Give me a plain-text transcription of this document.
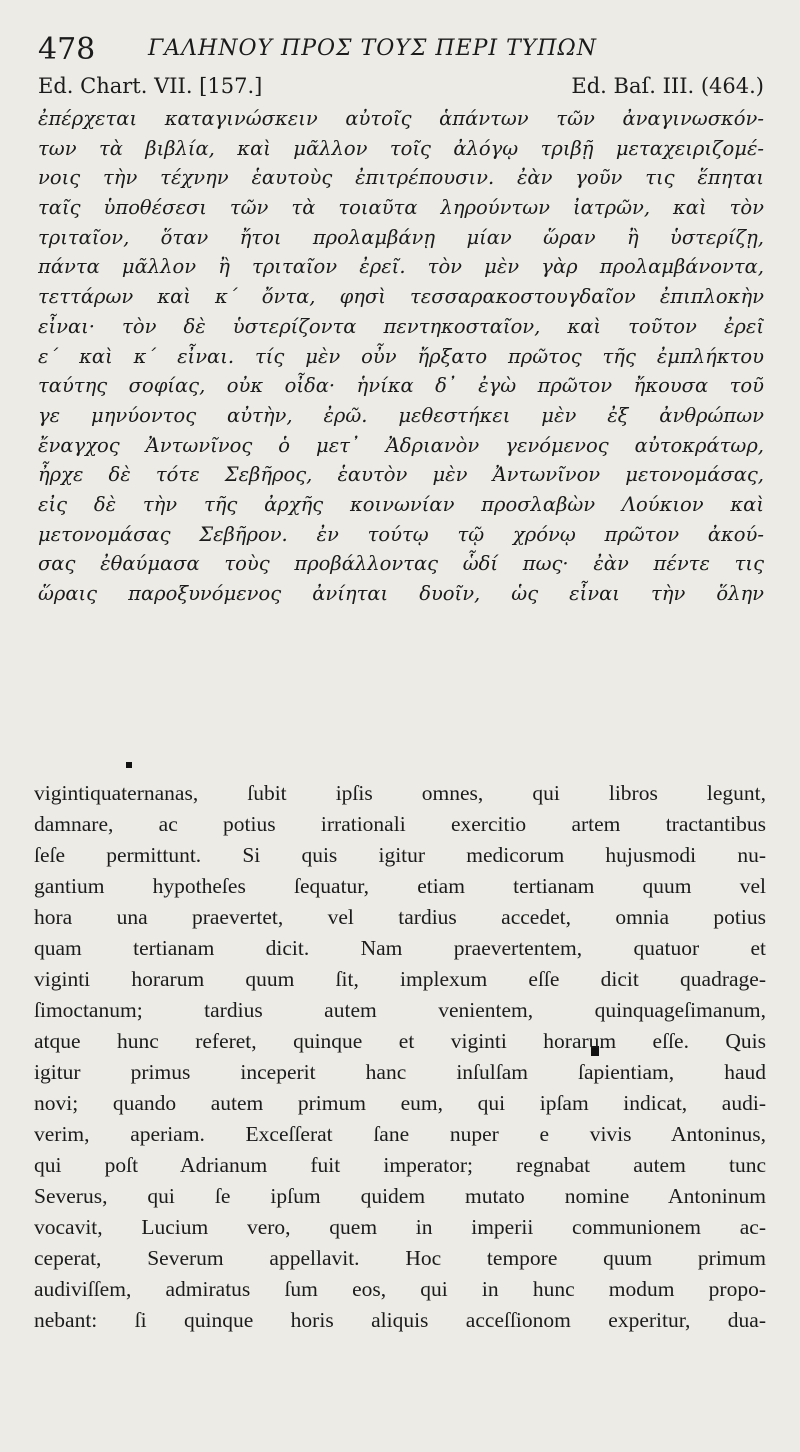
478 ΓΑΛΗΝΟΥ ΠΡΟΣ ΤΟΥΣ ΠΕΡΙ ΤΥΠΩΝ
Ed. Chart. VII. [157.]	Ed. Baſ. III. (464.)
ἐπέρχεται καταγινώσκειν αὐτοῖς ἁπάντων τῶν ἀναγινωσκόν-
των τὰ βιβλία, καὶ μᾶλλον τοῖς ἀλόγῳ τριβῇ μεταχειριζομέ-
νοις τὴν τέχνην ἑαυτοὺς ἐπιτρέπουσιν. ἐὰν γοῦν τις ἕπηται
ταῖς ὑποθέσεσι τῶν τὰ τοιαῦτα ληρούντων ἰατρῶν, καὶ τὸν
τριταῖον, ὅταν ἤτοι προλαμβάνῃ μίαν ὥραν ἢ ὑστερίζῃ,
πάντα μᾶλλον ἢ τριταῖον ἐρεῖ. τὸν μὲν γὰρ προλαμβάνοντα,
τεττάρων καὶ κ΄ ὄντα, φησὶ τεσσαρακοστουγδαῖον ἐπιπλοκὴν
εἶναι· τὸν δὲ ὑστερίζοντα πεντηκοσταῖον, καὶ τοῦτον ἐρεῖ
ε΄ καὶ κ΄ εἶναι. τίς μὲν οὖν ἤρξατο πρῶτος τῆς ἐμπλήκτου
ταύτης σοφίας, οὐκ οἶδα· ἡνίκα δ᾽ ἐγὼ πρῶτον ἤκουσα τοῦ
γε μηνύοντος αὐτὴν, ἐρῶ. μεθεστήκει μὲν ἐξ ἀνθρώπων
ἔναγχος Ἀντωνῖνος ὁ μετ᾽ Ἀδριανὸν γενόμενος αὐτοκράτωρ,
ἦρχε δὲ τότε Σεβῆρος, ἑαυτὸν μὲν Ἀντωνῖνον μετονομάσας,
εἰς δὲ τὴν τῆς ἀρχῆς κοινωνίαν προσλαβὼν Λούκιον καὶ
μετονομάσας Σεβῆρον. ἐν τούτῳ τῷ χρόνῳ πρῶτον ἀκού-
σας ἐθαύμασα τοὺς προβάλλοντας ὧδί πως· ἐὰν πέντε τις
ὥραις παροξυνόμενος ἀνίηται δυοῖν, ὡς εἶναι τὴν ὅλην
vigintiquaternanas, ſubit ipſis omnes, qui libros legunt,
damnare, ac potius irrationali exercitio artem tractantibus
ſeſe permittunt. Si quis igitur medicorum hujusmodi nu-
gantium hypotheſes ſequatur, etiam tertianam quum vel
hora una praevertet, vel tardius accedet, omnia potius
quam tertianam dicit. Nam praevertentem, quatuor et
viginti horarum quum ſit, implexum eſſe dicit quadrage-
ſimoctanum; tardius autem venientem, quinquageſimanum,
atque hunc referet, quinque et viginti horarum eſſe. Quis
igitur primus inceperit hanc inſulſam ſapientiam, haud
novi; quando autem primum eum, qui ipſam indicat, audi-
verim, aperiam. Exceſſerat ſane nuper e vivis Antoninus,
qui poſt Adrianum fuit imperator; regnabat autem tunc
Severus, qui ſe ipſum quidem mutato nomine Antoninum
vocavit, Lucium vero, quem in imperii communionem ac-
ceperat, Severum appellavit. Hoc tempore quum primum
audiviſſem, admiratus ſum eos, qui in hunc modum propo-
nebant: ſi quinque horis aliquis acceſſionom experitur, dua-
